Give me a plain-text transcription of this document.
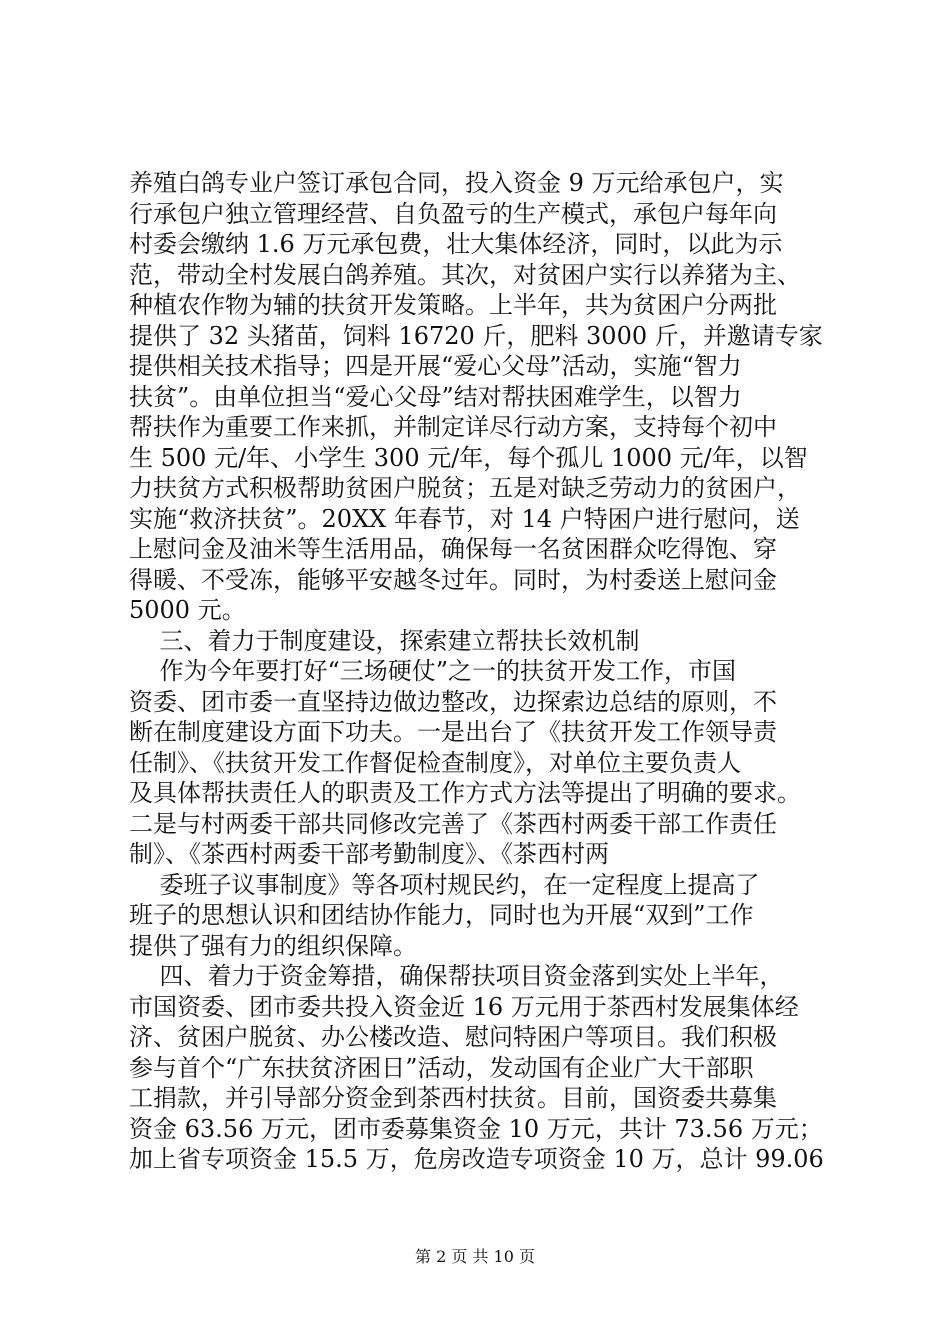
养殖白鸽专业户签订承包合同，投入资金 9 万元给承包户，实

行承包户独立管理经营、自负盈亏的生产模式，承包户每年向

村委会缴纳 1.6 万元承包费，壮大集体经济，同时，以此为示

范，带动全村发展白鸽养殖。其次，对贫困户实行以养猪为主、

种植农作物为辅的扶贫开发策略。上半年，共为贫困户分两批

提供了 32 头猪苗，饲料 16720 斤，肥料 3000 斤，并邀请专家

提供相关技术指导；四是开展“爱心父母”活动，实施“智力

扶贫”。由单位担当“爱心父母”结对帮扶困难学生，以智力

帮扶作为重要工作来抓，并制定详尽行动方案，支持每个初中

生 500 元/年、小学生 300 元/年，每个孤儿 1000 元/年，以智

力扶贫方式积极帮助贫困户脱贫；五是对缺乏劳动力的贫困户，

实施“救济扶贫”。20XX 年春节，对 14 户特困户进行慰问，送

上慰问金及油米等生活用品，确保每一名贫困群众吃得饱、穿

得暖、不受冻，能够平安越冬过年。同时，为村委送上慰问金

5000 元。

三、着力于制度建设，探索建立帮扶长效机制

作为今年要打好“三场硬仗”之一的扶贫开发工作，市国

资委、团市委一直坚持边做边整改，边探索边总结的原则，不

断在制度建设方面下功夫。一是出台了《扶贫开发工作领导责

任制》、《扶贫开发工作督促检查制度》，对单位主要负责人

及具体帮扶责任人的职责及工作方式方法等提出了明确的要求。

二是与村两委干部共同修改完善了《茶西村两委干部工作责任

制》、《茶西村两委干部考勤制度》、《茶西村两

委班子议事制度》等各项村规民约，在一定程度上提高了

班子的思想认识和团结协作能力，同时也为开展“双到”工作

提供了强有力的组织保障。

四、着力于资金筹措，确保帮扶项目资金落到实处上半年，

市国资委、团市委共投入资金近 16 万元用于茶西村发展集体经

济、贫困户脱贫、办公楼改造、慰问特困户等项目。我们积极

参与首个“广东扶贫济困日”活动，发动国有企业广大干部职

工捐款，并引导部分资金到茶西村扶贫。目前，国资委共募集

资金 63.56 万元，团市委募集资金 10 万元，共计 73.56 万元；

加上省专项资金 15.5 万，危房改造专项资金 10 万，总计 99.06

第 2 页 共 10 页
